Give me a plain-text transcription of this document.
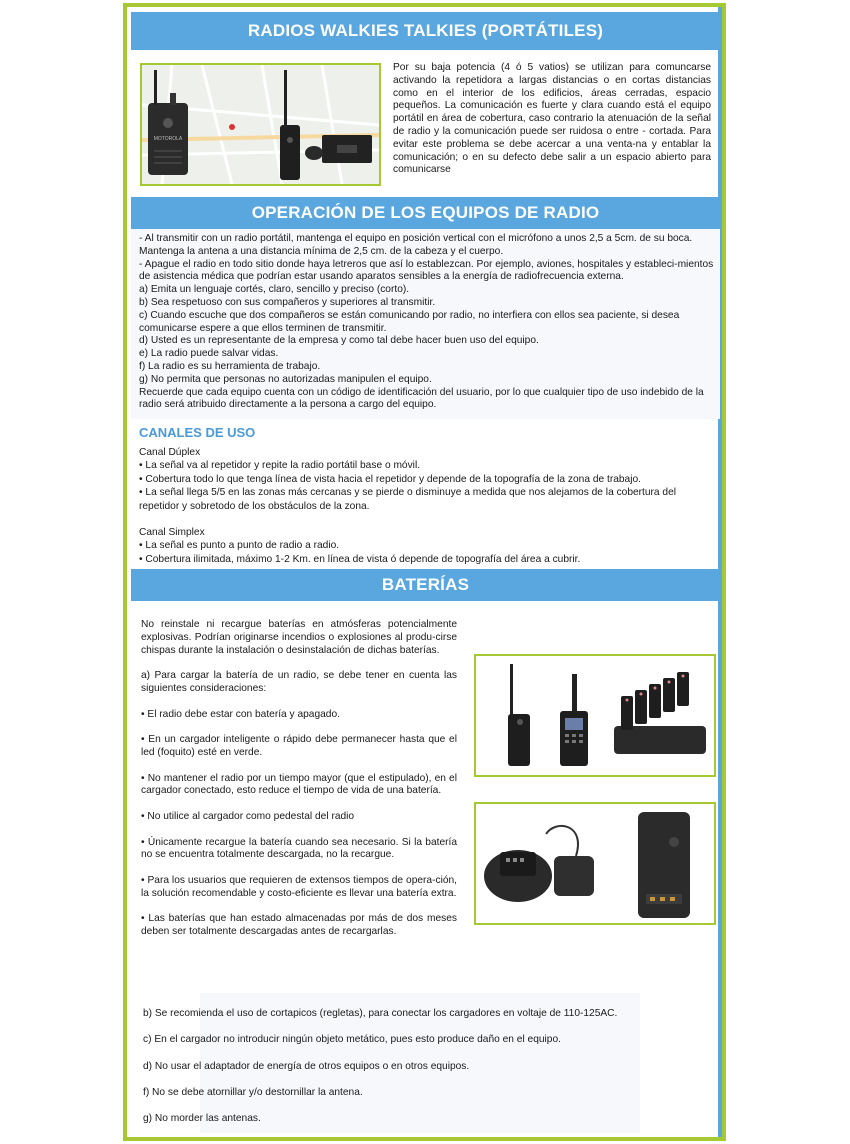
RADIOS WALKIES TALKIES (PORTÁTILES)
MOTOROLA
Por su baja potencia (4 ó 5 vatios) se utilizan para comuncarse activando la repetidora a largas distancias o en cortas distancias como en el interior de los edificios, áreas cerradas, espacio pequeños. La comunicación es fuerte y clara cuando está el equipo portátil en área de cobertura, caso contrario la atenuación de la señal de radio y la comunicación puede ser ruidosa o entre - cortada. Para evitar este problema se debe acercar a una venta-na y entablar la comunicación; o en su defecto debe salir a un espacio abierto para comunicarse
OPERACIÓN DE LOS EQUIPOS DE RADIO

- Al transmitir con un radio portátil, mantenga el equipo en posición vertical con el micrófono a unos 2,5 a 5cm. de su boca. Mantenga la antena a una distancia mínima de 2,5 cm. de la cabeza y el cuerpo.

- Apague el radio en todo sitio donde haya letreros que así lo establezcan. Por ejemplo, aviones, hospitales y estableci-mientos de asistencia médica que podrían estar usando aparatos sensibles a la energía de radiofrecuencia externa.

a) Emita un lenguaje cortés, claro, sencillo y preciso (corto).

b) Sea respetuoso con sus compañeros y superiores al transmitir.

c) Cuando escuche que dos compañeros se están comunicando por radio, no interfiera con ellos sea paciente, si desea comunicarse espere a que ellos terminen de transmitir.

d) Usted es un representante de la empresa y como tal debe hacer buen uso del equipo.

e) La radio puede salvar vidas.

f) La radio es su herramienta de trabajo.

g) No permita que personas no autorizadas manipulen el equipo.

Recuerde que cada equipo cuenta con un código de identificación del usuario, por lo que cualquier tipo de uso indebido de la radio será atribuido directamente a la persona a cargo del equipo.

CANALES DE USO

Canal Dúplex

• La señal va al repetidor y repite la radio portátil base o móvil.

• Cobertura todo lo que tenga línea de vista hacia el repetidor y depende de la topografía de la zona de trabajo.

• La señal llega 5/5 en las zonas más cercanas y se pierde o disminuye a medida que nos alejamos de la cobertura del repetidor y sobretodo de los obstáculos de la zona.

Canal Simplex

• La señal es punto a punto de radio a radio.

• Cobertura ilimitada, máximo 1-2 Km. en línea de vista ó depende de topografía del área a cubrir.

BATERÍAS

No reinstale ni recargue baterías en atmósferas potencialmente explosivas. Podrían originarse incendios o explosiones al produ-cirse chispas durante la instalación o desinstalación de dichas baterías.

a) Para cargar la batería de un radio, se debe tener en cuenta las siguientes consideraciones:

• El radio debe estar con batería y apagado.

• En un cargador inteligente o rápido debe permanecer hasta que el led (foquito) esté en verde.

• No mantener el radio por un tiempo mayor (que el estipulado), en el cargador conectado, esto reduce el tiempo de vida de una batería.

• No utilice al cargador como pedestal del radio

• Únicamente recargue la batería cuando sea necesario. Si la batería no se encuentra totalmente descargada, no la recargue.

• Para los usuarios que requieren de extensos tiempos de opera-ción, la solución recomendable y costo-eficiente es llevar una batería extra.

• Las baterías que han estado almacenadas por más de dos meses deben ser totalmente descargadas antes de recargarlas.

b) Se recomienda el uso de cortapicos (regletas), para conectar los cargadores en voltaje de 110-125AC.

c) En el cargador no introducir ningún objeto metático, pues esto produce daño en el equipo.

d) No usar el adaptador de energía de otros equipos o en otros equipos.

f) No se debe atornillar y/o destornillar la antena.

g) No morder las antenas.
